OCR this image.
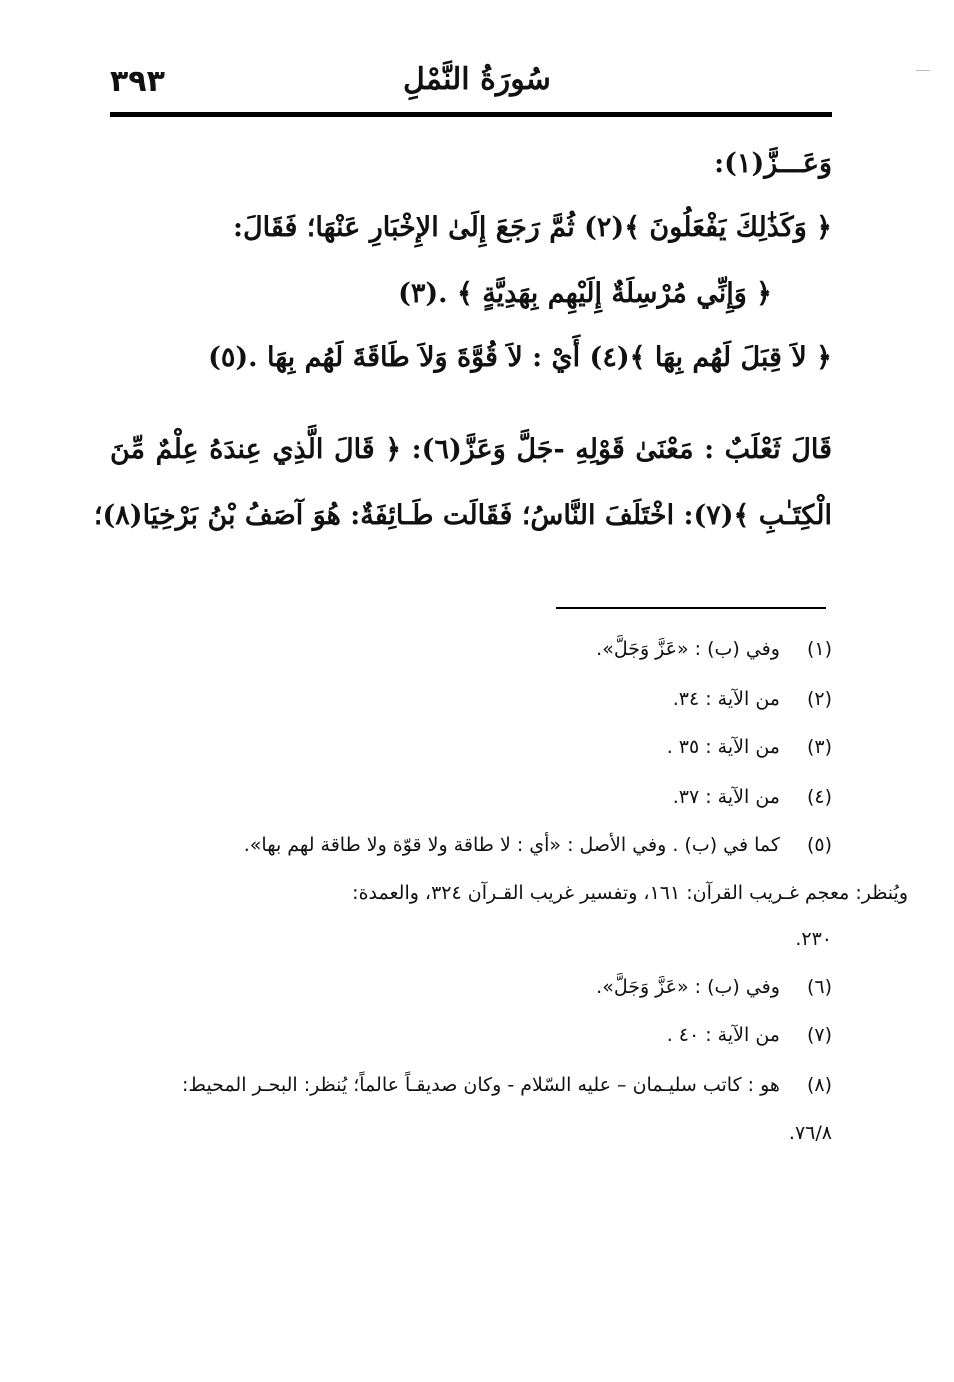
سُورَةُ النَّمْلِ
٣٩٣
وَعَـــزَّ(١):
﴿ وَكَذَٰلِكَ يَفْعَلُونَ ﴾(٢) ثُمَّ رَجَعَ إِلَىٰ الإِخْبَارِ عَنْهَا؛ فَقَالَ:
﴿ وَإِنِّي مُرْسِلَةٌ إِلَيْهِم بِهَدِيَّةٍ ﴾ .(٣)
﴿ لاَ قِبَلَ لَهُم بِهَا ﴾(٤) أَيْ : لاَ قُوَّةَ وَلاَ طَاقَةَ لَهُم بِهَا .(٥)
قَالَ ثَعْلَبٌ : مَعْنَىٰ قَوْلِهِ -جَلَّ وَعَزَّ(٦): ﴿ قَالَ الَّذِي عِندَهُ عِلْمٌ مِّنَ
الْكِتَـٰبِ ﴾(٧): اخْتَلَفَ النَّاسُ؛ فَقَالَت طَـائِفَةٌ: هُوَ آصَفُ بْنُ بَرْخِيَا(٨)؛
(١) وفي (ب) : «عَزَّ وَجَلَّ».
(٢) من الآية : ٣٤.
(٣) من الآية : ٣٥ .
(٤) من الآية : ٣٧.
(٥) كما في (ب) . وفي الأصل : «أي : لا طاقة ولا قوّة ولا طاقة لهم بها».
ويُنظر: معجم غـريب القرآن: ١٦١، وتفسير غريب القـرآن ٣٢٤، والعمدة:
٢٣٠.
(٦) وفي (ب) : «عَزَّ وَجَلَّ».
(٧) من الآية : ٤٠ .
(٨) هو : كاتب سليـمان – عليه السّلام - وكان صديقـاً عالماً؛ يُنظر: البحـر المحيط:
٧٦/٨.
